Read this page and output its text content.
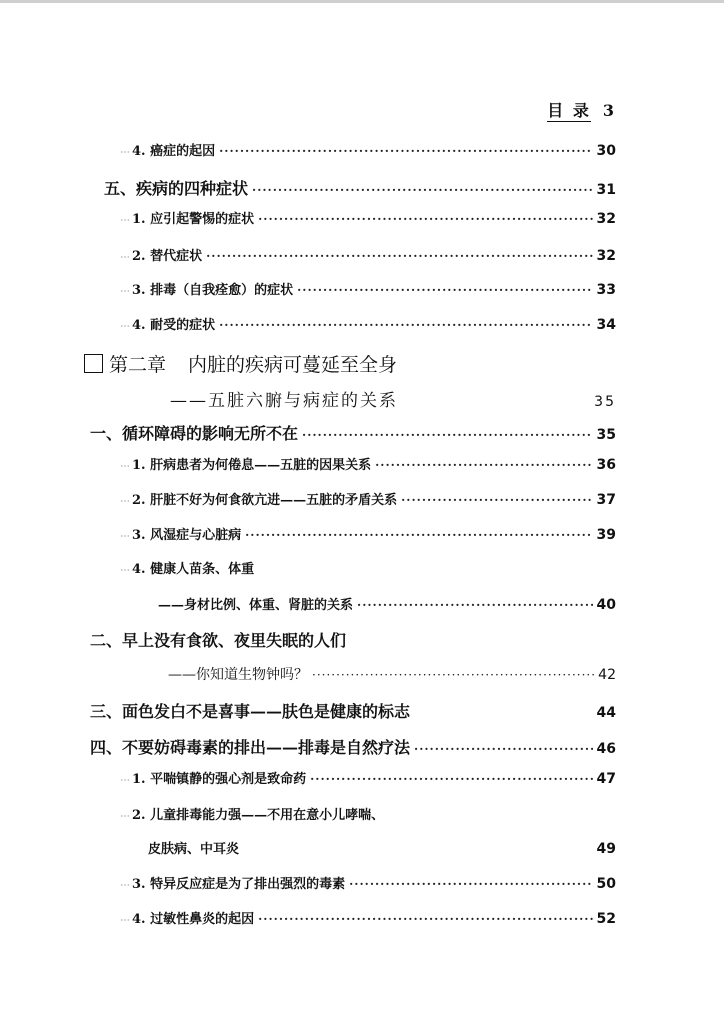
目 录 3
⋯ 4. 癌症的起因 ·····	30
五、疾病的四种症状 ·····	31
⋯ 1. 应引起警惕的症状 ·····	32
⋯ 2. 替代症状 ·····	32
⋯ 3. 排毒（自我痊愈）的症状 ·····	33
⋯ 4. 耐受的症状 ·····	34
第二章 内脏的疾病可蔓延至全身
——五脏六腑与病症的关系	35
一、循环障碍的影响无所不在 ·····	35
⋯ 1. 肝病患者为何倦息——五脏的因果关系 ·····	36
⋯ 2. 肝脏不好为何食欲亢进——五脏的矛盾关系 ·····	37
⋯ 3. 风湿症与心脏病 ·····	39
⋯ 4. 健康人苗条、体重
——身材比例、体重、肾脏的关系 ·····	40
二、早上没有食欲、夜里失眠的人们
——你知道生物钟吗？ ·····	42
三、面色发白不是喜事——肤色是健康的标志	44
四、不要妨碍毒素的排出——排毒是自然疗法 ·····	46
⋯ 1. 平喘镇静的强心剂是致命药 ·····	47
⋯ 2. 儿童排毒能力强——不用在意小儿哮喘、
皮肤病、中耳炎	49
⋯ 3. 特异反应症是为了排出强烈的毒素 ·····	50
⋯ 4. 过敏性鼻炎的起因 ·····	52
